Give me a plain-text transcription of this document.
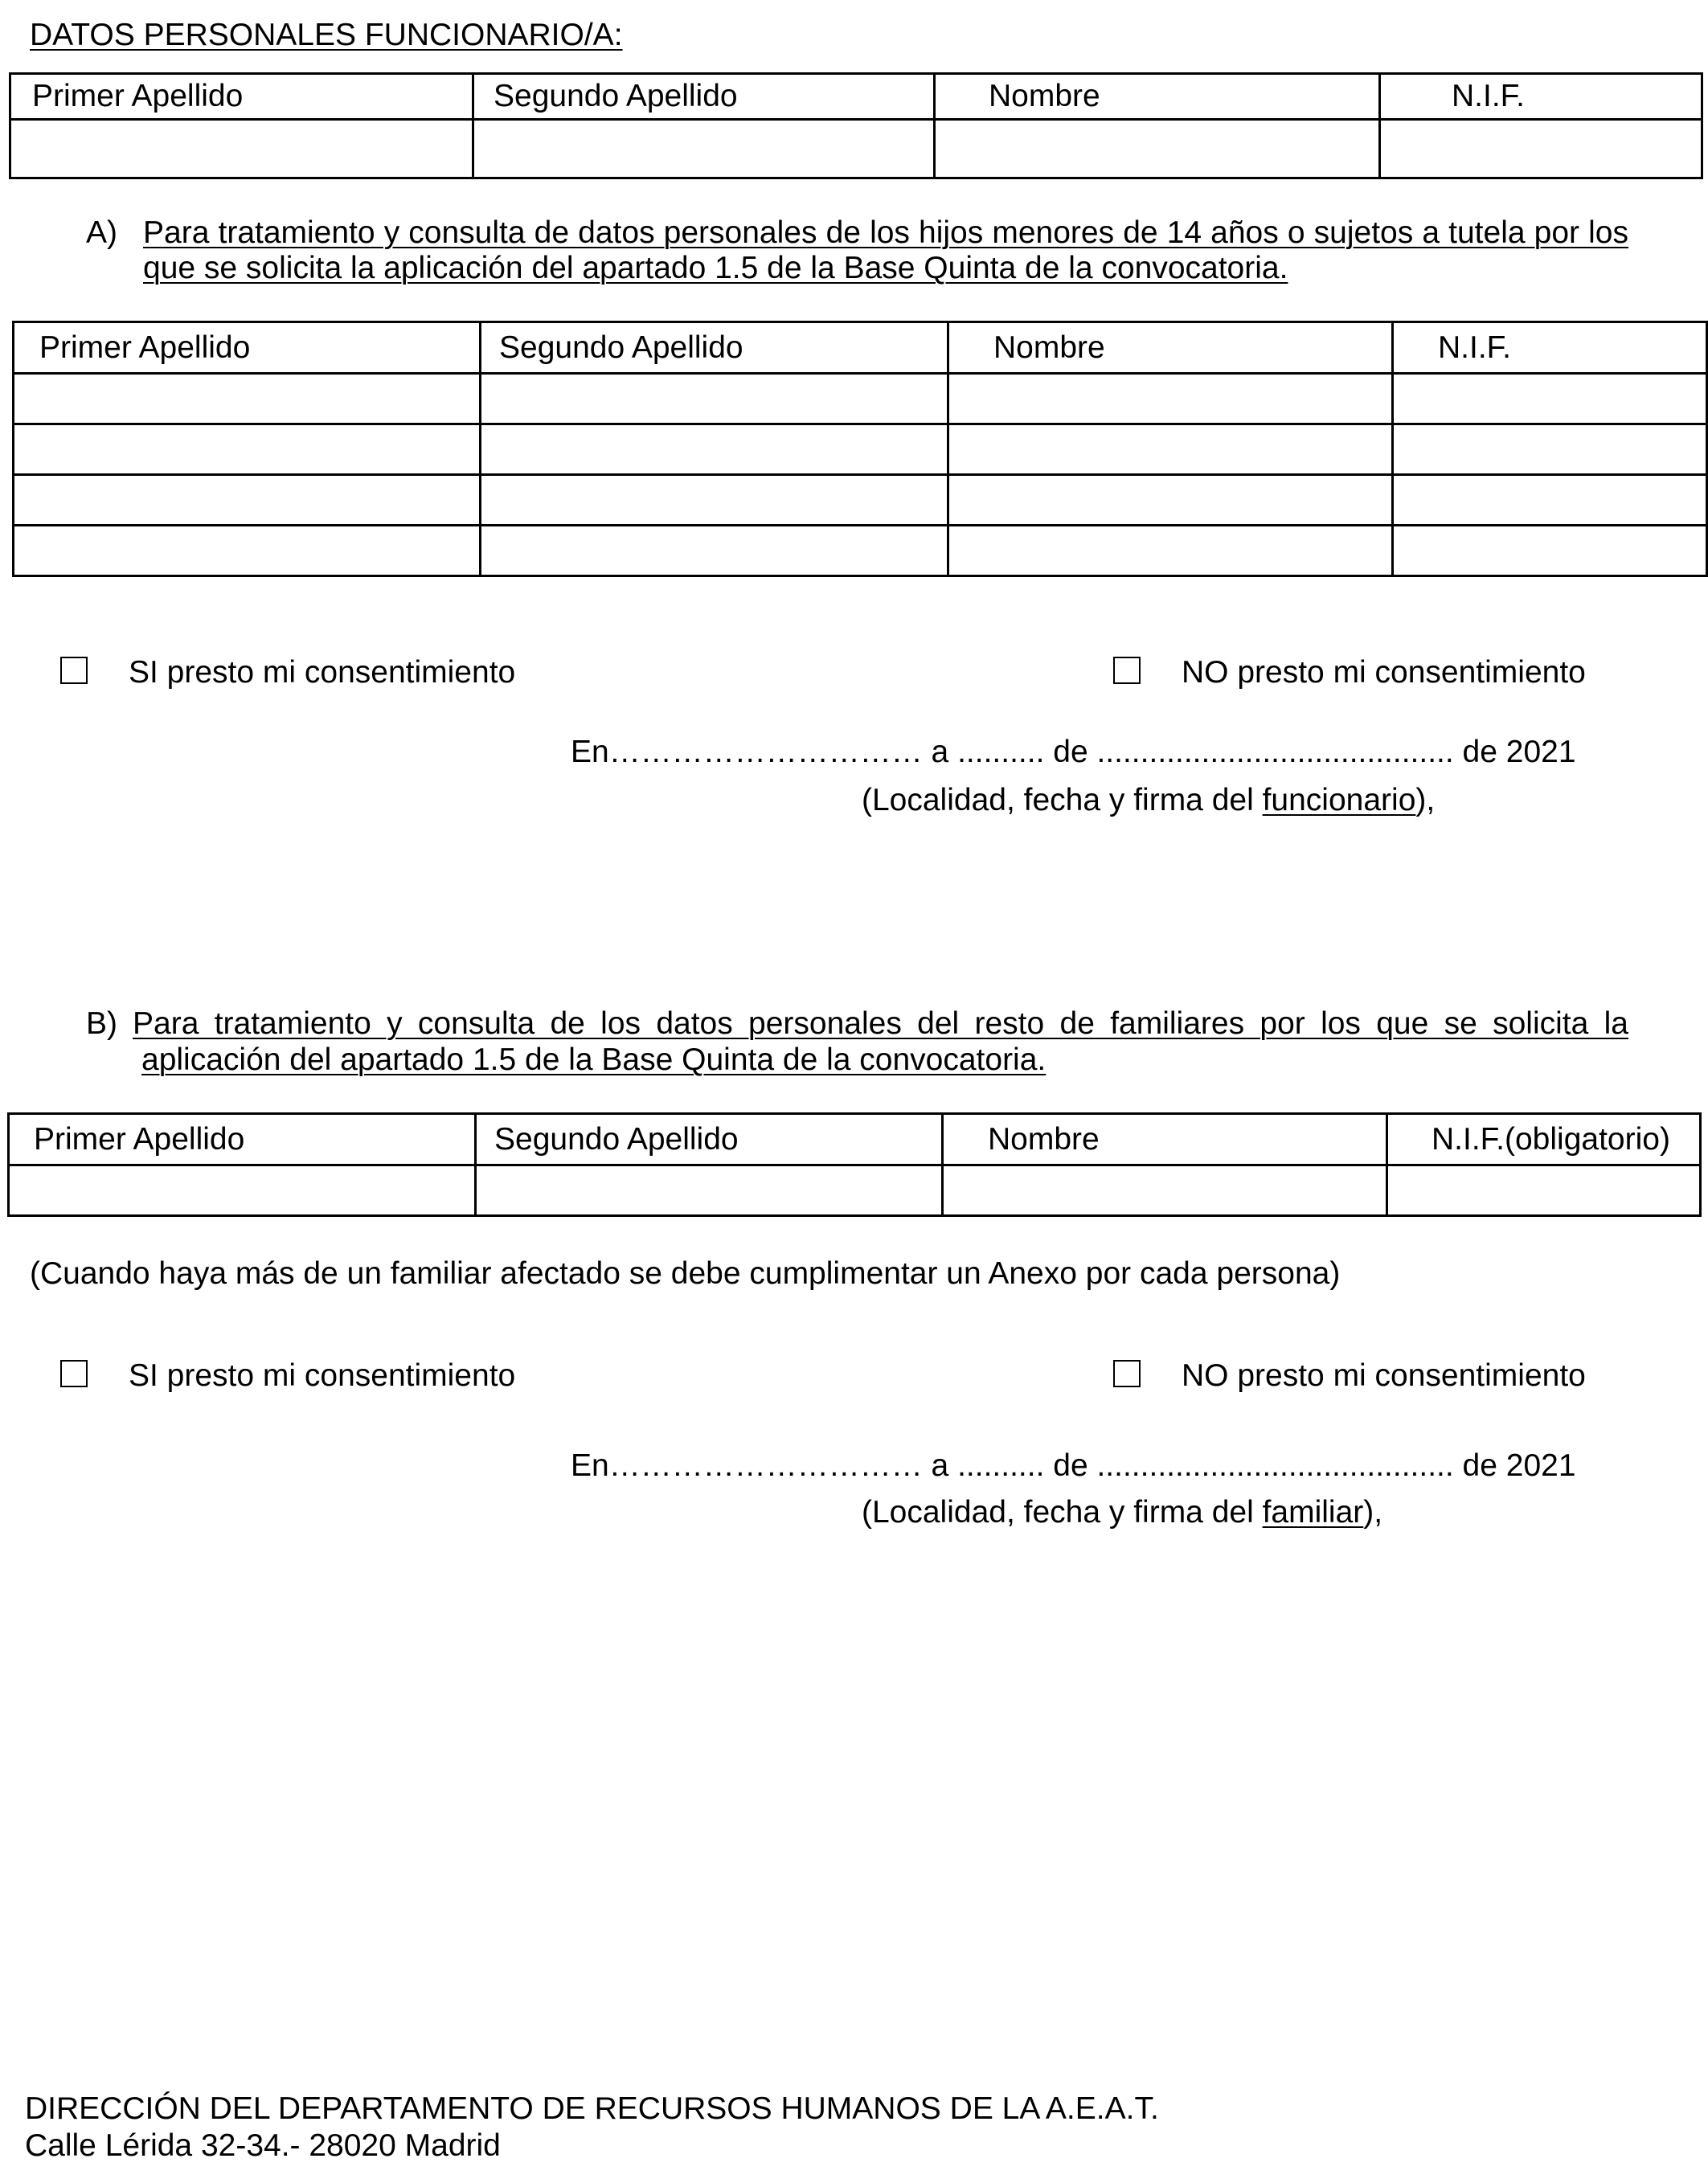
DATOS PERSONALES FUNCIONARIO/A:
Primer Apellido	Segundo Apellido	Nombre	N.I.F.

A) Para tratamiento y consulta de datos personales de los hijos menores de 14 años o sujetos a tutela por los
que se solicita la aplicación del apartado 1.5 de la Base Quinta de la convocatoria.
Primer Apellido	Segundo Apellido	Nombre	N.I.F.

SI presto mi consentimiento	NO presto mi consentimiento
En………………………… a .......... de ......................................... de 2021
(Localidad, fecha y firma del funcionario),
B) Para tratamiento y consulta de los datos personales del resto de familiares por los que se solicita la
aplicación del apartado 1.5 de la Base Quinta de la convocatoria.
Primer Apellido	Segundo Apellido	Nombre	N.I.F.(obligatorio)

(Cuando haya más de un familiar afectado se debe cumplimentar un Anexo por cada persona)
SI presto mi consentimiento	NO presto mi consentimiento
En………………………… a .......... de ......................................... de 2021
(Localidad, fecha y firma del familiar),
DIRECCIÓN DEL DEPARTAMENTO DE RECURSOS HUMANOS DE LA A.E.A.T.
Calle Lérida 32-34.- 28020 Madrid
